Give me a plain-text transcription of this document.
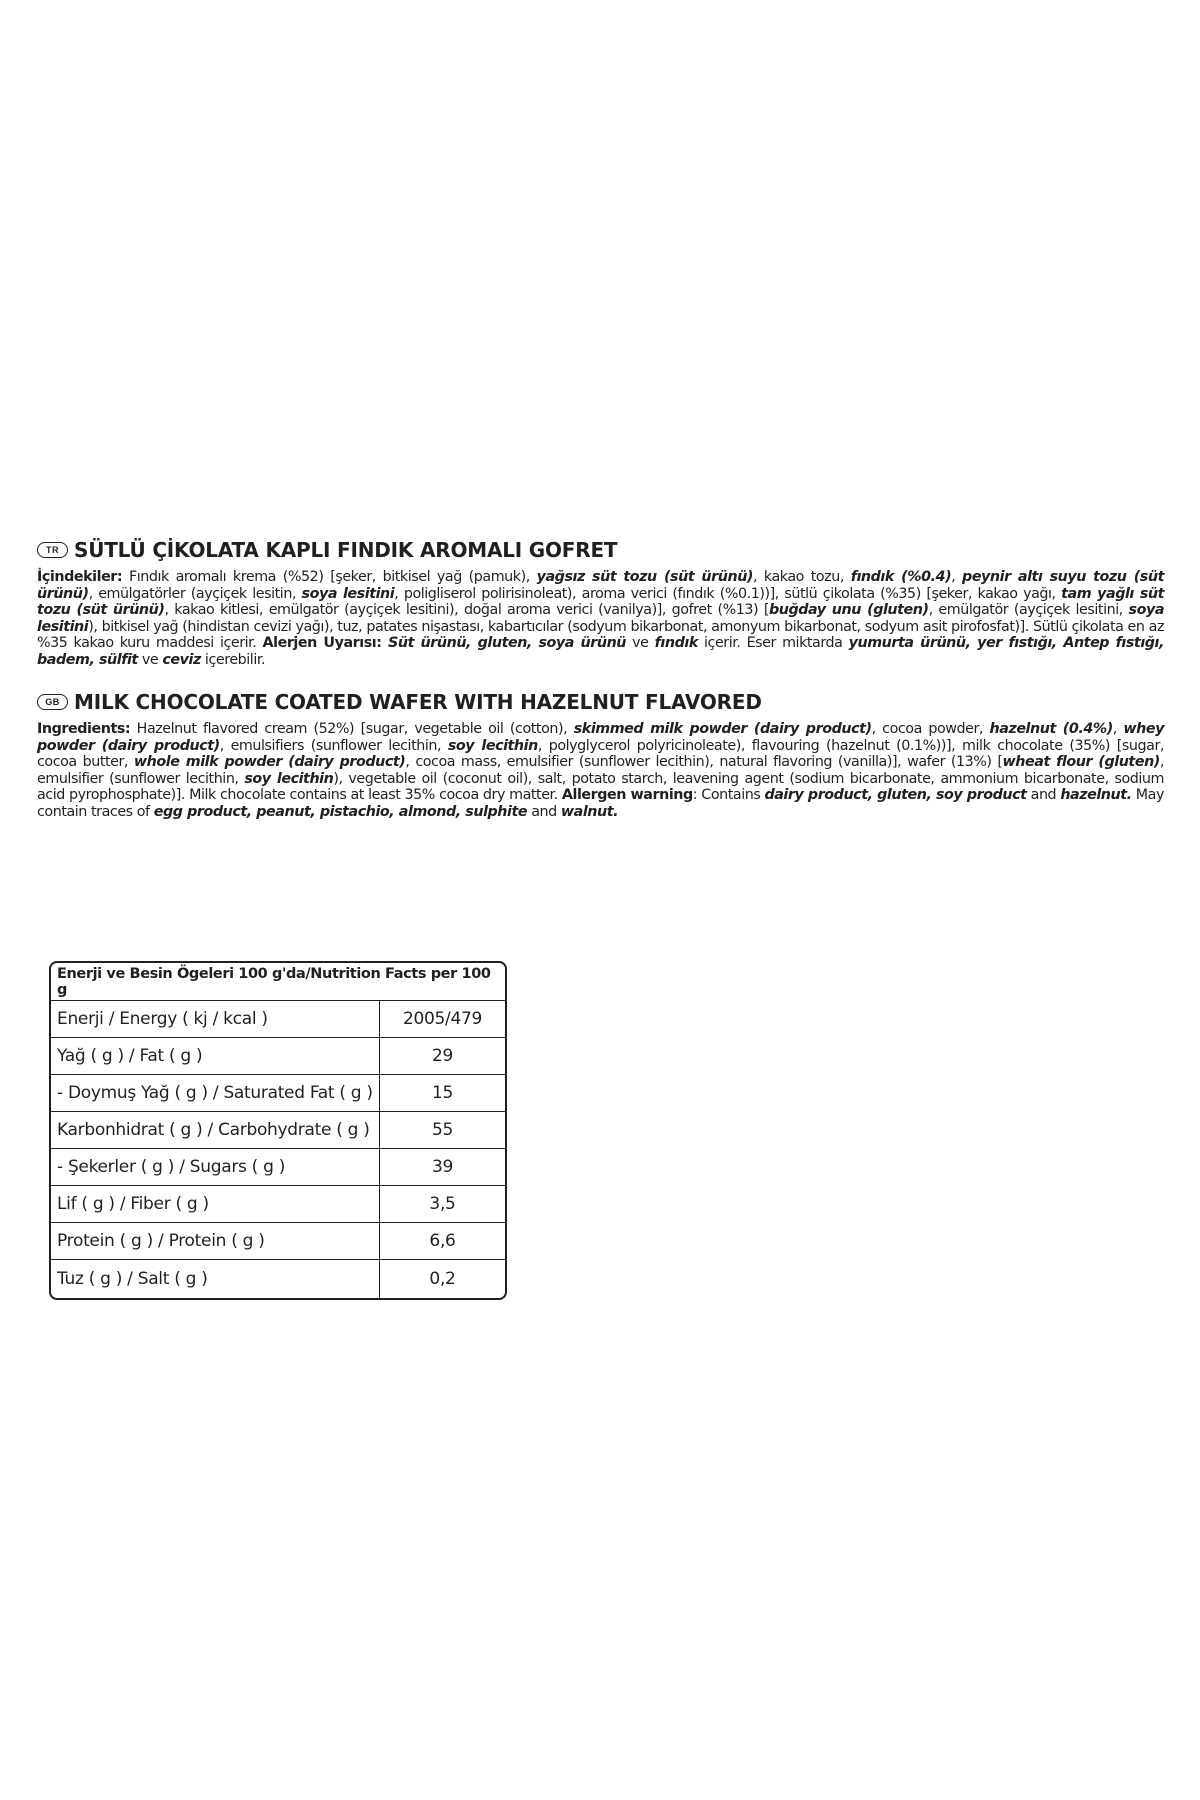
TR SÜTLÜ ÇİKOLATA KAPLI FINDIK AROMALI GOFRET

İçindekiler: Fındık aromalı krema (%52) [şeker, bitkisel yağ (pamuk), yağsız süt tozu (süt ürünü), kakao tozu, fındık (%0.4), peynir altı suyu tozu (süt ürünü), emülgatörler (ayçiçek lesitin, soya lesitini, poligliserol polirisinoleat), aroma verici (fındık (%0.1))], sütlü çikolata (%35) [şeker, kakao yağı, tam yağlı süt tozu (süt ürünü), kakao kitlesi, emülgatör (ayçiçek lesitini), doğal aroma verici (vanilya)], gofret (%13) [buğday unu (gluten), emülgatör (ayçiçek lesitini, soya lesitini), bitkisel yağ (hindistan cevizi yağı), tuz, patates nişastası, kabartıcılar (sodyum bikarbonat, amonyum bikarbonat, sodyum asit pirofosfat)]. Sütlü çikolata en az %35 kakao kuru maddesi içerir. Alerjen Uyarısı: Süt ürünü, gluten, soya ürünü ve fındık içerir. Eser miktarda yumurta ürünü, yer fıstığı, Antep fıstığı, badem, sülfit ve ceviz içerebilir.

GB MILK CHOCOLATE COATED WAFER WITH HAZELNUT FLAVORED

Ingredients: Hazelnut flavored cream (52%) [sugar, vegetable oil (cotton), skimmed milk powder (dairy product), cocoa powder, hazelnut (0.4%), whey powder (dairy product), emulsifiers (sunflower lecithin, soy lecithin, polyglycerol polyricinoleate), flavouring (hazelnut (0.1%))], milk chocolate (35%) [sugar, cocoa butter, whole milk powder (dairy product), cocoa mass, emulsifier (sunflower lecithin), natural flavoring (vanilla)], wafer (13%) [wheat flour (gluten), emulsifier (sunflower lecithin, soy lecithin), vegetable oil (coconut oil), salt, potato starch, leavening agent (sodium bicarbonate, ammonium bicarbonate, sodium acid pyrophosphate)]. Milk chocolate contains at least 35% cocoa dry matter. Allergen warning: Contains dairy product, gluten, soy product and hazelnut. May contain traces of egg product, peanut, pistachio, almond, sulphite and walnut.

Enerji ve Besin Ögeleri 100 g'da/Nutrition Facts per 100 g
Enerji / Energy ( kj / kcal )	2005/479
Yağ ( g ) / Fat ( g )	29
- Doymuş Yağ ( g ) / Saturated Fat ( g )	15
Karbonhidrat ( g ) / Carbohydrate ( g )	55
- Şekerler ( g ) / Sugars ( g )	39
Lif ( g ) / Fiber ( g )	3,5
Protein ( g ) / Protein ( g )	6,6
Tuz ( g ) / Salt ( g )	0,2
